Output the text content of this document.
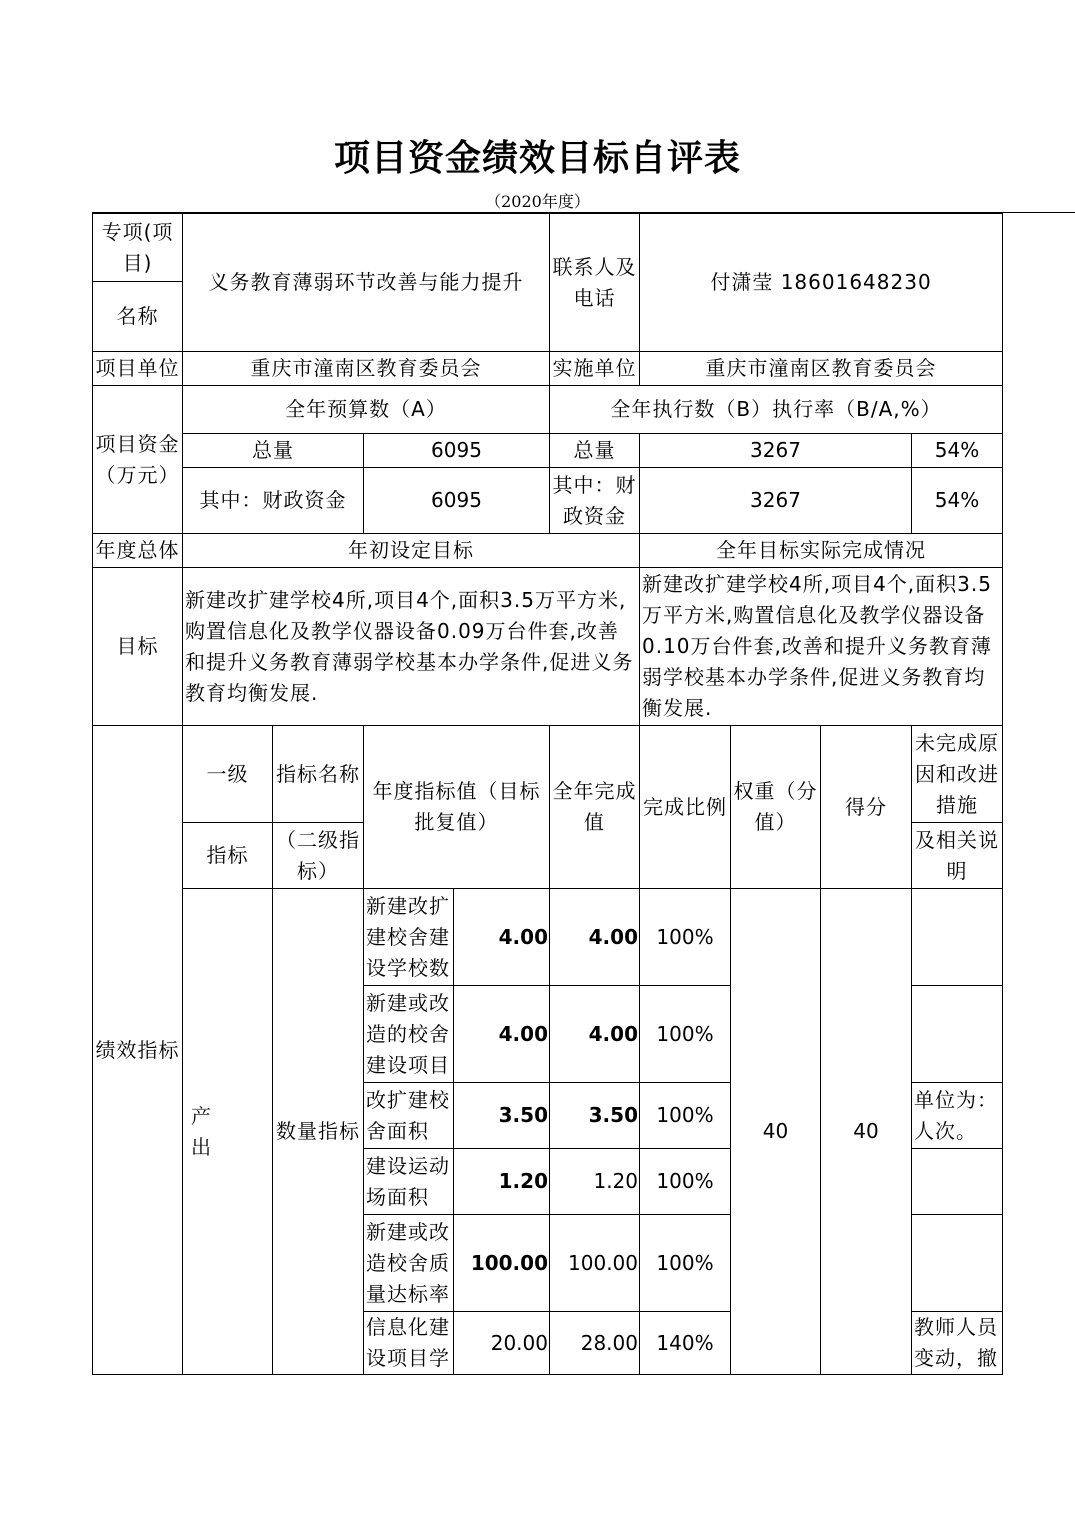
项目资金绩效目标自评表
（2020年度）
专项(项目)	义务教育薄弱环节改善与能力提升				联系人及电话	付潇莹 18601648230			
名称									
项目单位	重庆市潼南区教育委员会				实施单位	重庆市潼南区教育委员会			
项目资金（万元）	全年预算数（A）				全年执行数（B）执行率（B/A,%）				
	总量		6095		总量	3267			54%
	其中：财政资金		6095		其中：财政资金	3267			54%
年度总体	年初设定目标					全年目标实际完成情况			
目标	新建改扩建学校4所,项目4个,面积3.5万平方米,购置信息化及教学仪器设备0.09万台件套,改善和提升义务教育薄弱学校基本办学条件,促进义务教育均衡发展.					新建改扩建学校4所,项目4个,面积3.5万平方米,购置信息化及教学仪器设备0.10万台件套,改善和提升义务教育薄弱学校基本办学条件,促进义务教育均衡发展.			
绩效指标	一级	指标名称	年度指标值（目标批复值）		全年完成值	完成比例	权重（分值）	得分	未完成原因和改进措施
	指标	（二级指标）							及相关说明
	产　　出	数量指标	新建改扩建校舍建设学校数	4.00	4.00	100%	40	40	
			新建或改造的校舍建设项目	4.00	4.00	100%			
			改扩建校舍面积	3.50	3.50	100%			单位为：人次。
			建设运动场面积	1.20	1.20	100%			
			新建或改造校舍质量达标率	100.00	100.00	100%			
			信息化建设项目学	20.00	28.00	140%			教师人员变动，撤
